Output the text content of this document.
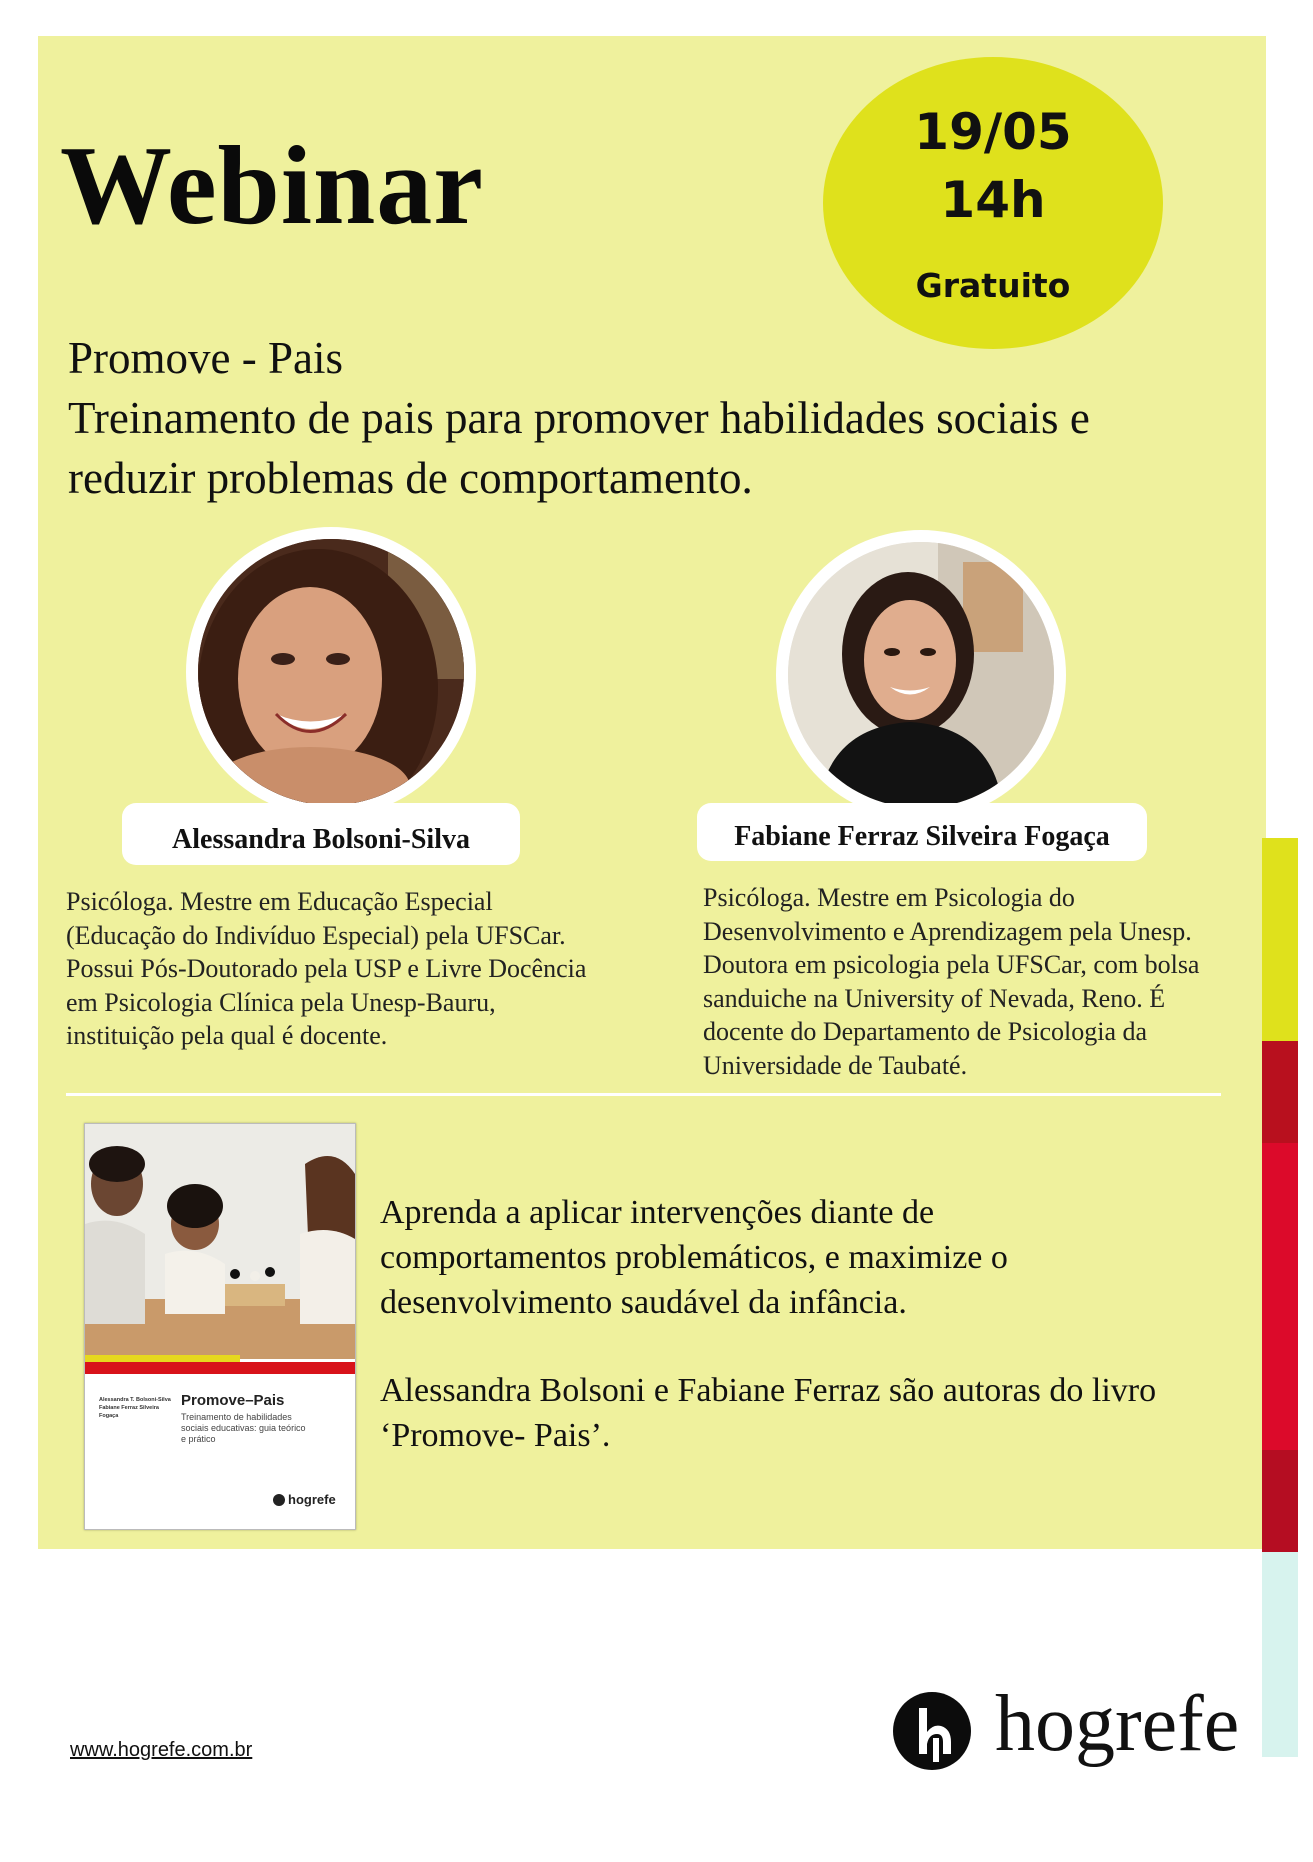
Webinar	19/05
14h
Gratuito
Promove - Pais
Treinamento de pais para promover habilidades sociais e
reduzir problemas de comportamento.
Alessandra Bolsoni-Silva	Fabiane Ferraz Silveira Fogaça
Psicóloga. Mestre em Educação Especial
(Educação do Indivíduo Especial) pela UFSCar.
Possui Pós-Doutorado pela USP e Livre Docência
em Psicologia Clínica pela Unesp-Bauru,
instituição pela qual é docente.
Psicóloga. Mestre em Psicologia do
Desenvolvimento e Aprendizagem pela Unesp.
Doutora em psicologia pela UFSCar, com bolsa
sanduiche na University of Nevada, Reno. É
docente do Departamento de Psicologia da
Universidade de Taubaté.
Alessandra T. Bolsoni-Silva
Fabiane Ferraz Silveira Fogaça
Promove–Pais
Treinamento de habilidades
sociais educativas: guia teórico
e prático
hogrefe
Aprenda a aplicar intervenções diante de
comportamentos problemáticos, e maximize o
desenvolvimento saudável da infância.
Alessandra Bolsoni e Fabiane Ferraz são autoras do livro
‘Promove- Pais’.
www.hogrefe.com.br	hogrefe
